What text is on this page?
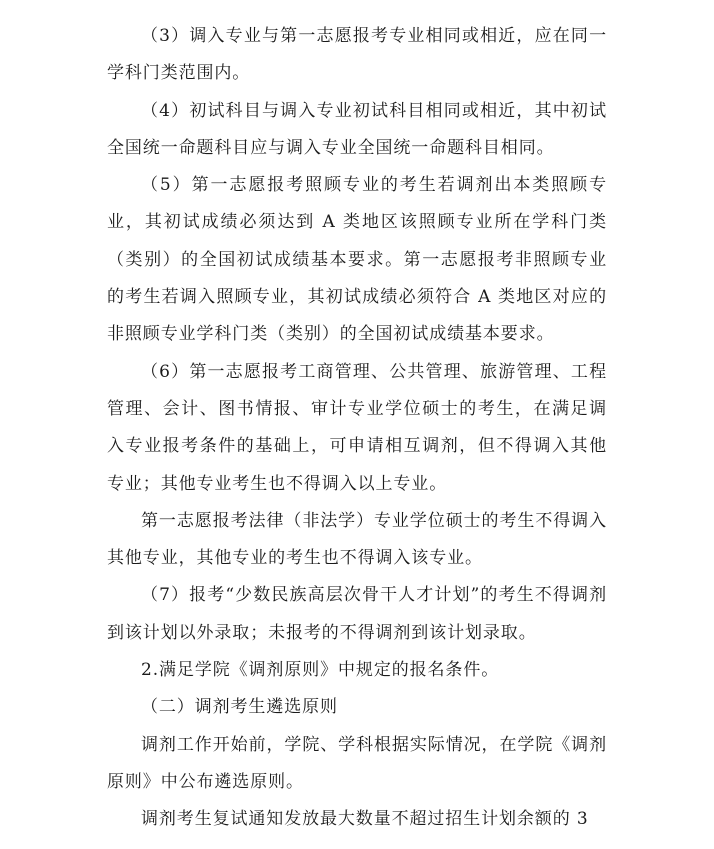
（3）调入专业与第一志愿报考专业相同或相近，应在同一学科门类范围内。

（4）初试科目与调入专业初试科目相同或相近，其中初试全国统一命题科目应与调入专业全国统一命题科目相同。

（5）第一志愿报考照顾专业的考生若调剂出本类照顾专业，其初试成绩必须达到 A 类地区该照顾专业所在学科门类（类别）的全国初试成绩基本要求。第一志愿报考非照顾专业的考生若调入照顾专业，其初试成绩必须符合 A 类地区对应的非照顾专业学科门类（类别）的全国初试成绩基本要求。

（6）第一志愿报考工商管理、公共管理、旅游管理、工程管理、会计、图书情报、审计专业学位硕士的考生，在满足调入专业报考条件的基础上，可申请相互调剂，但不得调入其他专业；其他专业考生也不得调入以上专业。

第一志愿报考法律（非法学）专业学位硕士的考生不得调入其他专业，其他专业的考生也不得调入该专业。

（7）报考“少数民族高层次骨干人才计划”的考生不得调剂到该计划以外录取；未报考的不得调剂到该计划录取。

2.满足学院《调剂原则》中规定的报名条件。

（二）调剂考生遴选原则

调剂工作开始前，学院、学科根据实际情况，在学院《调剂原则》中公布遴选原则。

调剂考生复试通知发放最大数量不超过招生计划余额的 3
